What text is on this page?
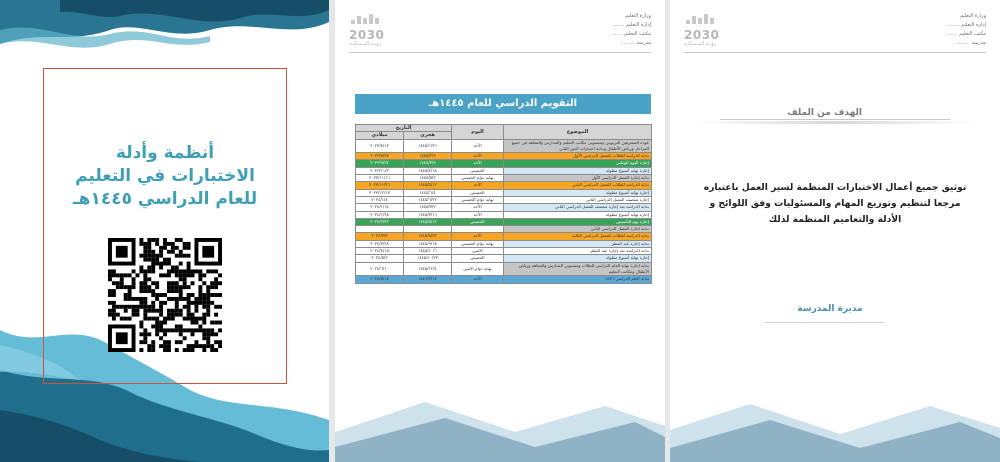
أنظمة وأدلة
الاختبارات في التعليم
للعام الدراسي ١٤٤٥هـ
وزارة التعليم
إدارة التعليم ........
مكتب التعليم .......
مدرسة .........
2030
رؤيـة المـمـلكـة
التقويم الدراسي للعام ١٤٤٥هـ
الموضوع	اليوم	التاريخ	
		هجري	ميلادي
عودة المشرفين التربويين ومنسوبي مكاتب التعليم والمدارس والمعاهد في جميع المراحل ورياض الأطفال وبداية اختبارات الدور الثاني	الأحد	١٤٤٥/١/٢٦	٢٠٢٣/٨/١٣
بداية الدراسة للطلاب للفصل الدراسي الأول	الأحد	١٤٤٥/٢/٩	٢٠٢٣/٨/٢٧
إجازة اليوم الوطني	الأحد	١٤٤٥/٣/٩	٢٠٢٣/٩/٢٤
إجازة نهاية أسبوع مطولة	الخميس	١٤٤٥/٤/١٨	٢٠٢٣/١١/٢
بداية إجازة الفصل الدراسي الأول	نهاية دوام الخميس	١٤٤٥/٥/٢	٢٠٢٣/١١/١٦
بداية الدراسة للطلاب للفصل الدراسي الثاني	الأحد	١٤٤٥/٥/١٢	٢٠٢٣/١١/٢٦
إجازة نهاية أسبوع مطولة	الخميس	١٤٤٥/٦/٤	٢٠٢٣/١٢/١٧
إجازة منتصف الفصل الدراسي الثاني	نهاية دوام الخميس	١٤٤٥/٦/٢٢	٢٠٢٤/١/٤
بداية الدراسة بعد إجازة منتصف الفصل الدراسي الثاني	الأحد	١٤٤٥/٧/٢	٢٠٢٤/١/١٤
إجازة نهاية أسبوع مطولة	الأحد	١٤٤٥/٧/١٦	٢٠٢٤/١/٢٨
إجازة يوم التأسيس	الخميس	١٤٤٥/٨/١٢	٢٠٢٤/٢/٢٢
بداية إجازة الفصل الدراسي الثاني			
بداية الدراسة للطلاب للفصل الدراسي الثالث	الأحد	١٤٤٥/٨/٢٢	٢٠٢٤/٣/٣
بداية إجازة عيد الفطر	نهاية دوام الخميس	١٤٤٥/٩/١٨	٢٠٢٤/٣/٢٨
بداية الدراسة بعد إجازة عيد الفطر	الاثنين	١٤٤٥/١٠/٦	٢٠٢٤/٤/١٥
إجازة نهاية أسبوع مطولة	الخميس	١٤٤٥/١٠/٢٣	٢٠٢٤/٥/٢
بداية إجازة نهاية العام الدراسي للطلاب ومنسوبي المدارس والمعاهد ورياض الأطفال ومكاتب التعليم	نهاية دوام الاثنين	١٤٤٥/١٢/٤	٢٠٢٤/٦/١٠
بداية العام الدراسي ١٤٤٦	الأحد	١٤٤٦/٢/١٤	٢٠٢٤/٨/١٨
وزارة التعليم
إدارة التعليم ........
مكتب التعليم .......
مدرسة .........
2030
رؤيـة المـمـلكـة
الهدف من الملف
توثيق جميع أعمال الاختبارات المنظمة لسير العمل باعتباره مرجعا لتنظيم وتوزيع المهام والمسئوليات وفق اللوائح و الأدلة والتعاميم المنظمة لذلك
مديرة المدرسة
